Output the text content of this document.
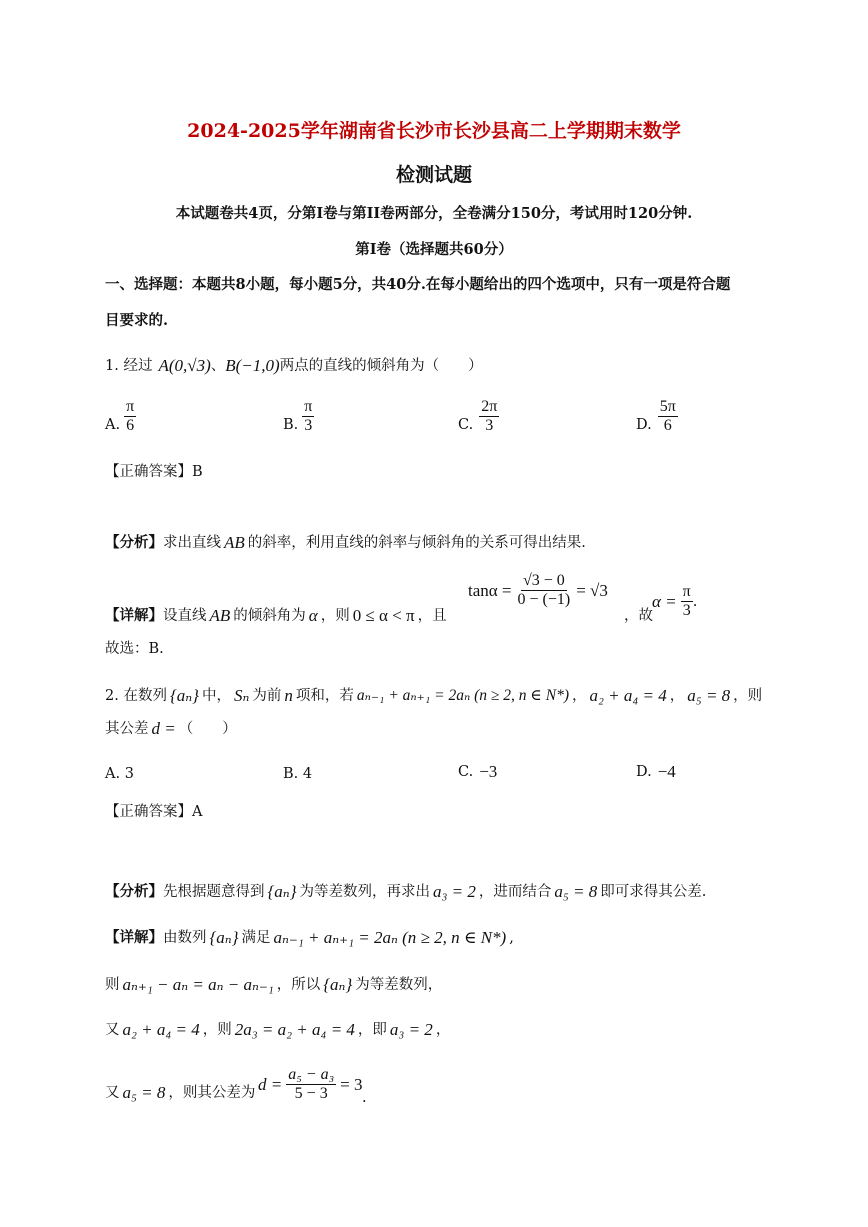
2024-2025学年湖南省长沙市长沙县高二上学期期末数学
检测试题
本试题卷共4页，分第I卷与第II卷两部分，全卷满分150分，考试用时120分钟.
第I卷（选择题共60分）
一、选择题：本题共8小题，每小题5分，共40分.在每小题给出的四个选项中，只有一项是符合题
目要求的.
1. 经过 A(0,√3) 、 B(−1,0) 两点的直线的倾斜角为（　　）
A. $\frac{\pi}{6}$	B. $\frac{\pi}{3}$	C. $\frac{2\pi}{3}$	D. $\frac{5\pi}{6}$
【正确答案】B
【分析】 求出直线 AB 的斜率，利用直线的斜率与倾斜角的关系可得出结果.
【详解】 设直线 AB 的倾斜角为 α ，则 0 ≤ α < π ，且
$\tan\alpha = \frac{√3 - 0}{0 - (-1)} = √3$
，故
$\alpha = \frac{\pi}{3}$ .
故选：B.
2. 在数列 {aₙ} 中， Sₙ 为前 n 项和，若 aₙ₋₁ + aₙ₊₁ = 2aₙ (n ≥ 2, n ∈ N*) ， a₂ + a₄ = 4 ， a₅ = 8 ，则
其公差 d = （　　）
A. 3	B. 4	C. −3	D. −4
【正确答案】A
【分析】 先根据题意得到 {aₙ} 为等差数列，再求出 a₃ = 2 ，进而结合 a₅ = 8 即可求得其公差.
【详解】 由数列 {aₙ} 满足 aₙ₋₁ + aₙ₊₁ = 2aₙ (n ≥ 2, n ∈ N*) ,
则 aₙ₊₁ − aₙ = aₙ − aₙ₋₁ ，所以 {aₙ} 为等差数列，
又 a₂ + a₄ = 4 ，则 2a₃ = a₂ + a₄ = 4 ，即 a₃ = 2 ，
又 a₅ = 8 ，则其公差为 $d = \frac{\text{a₅ − a₃}}{5 - 3} = 3$
.
